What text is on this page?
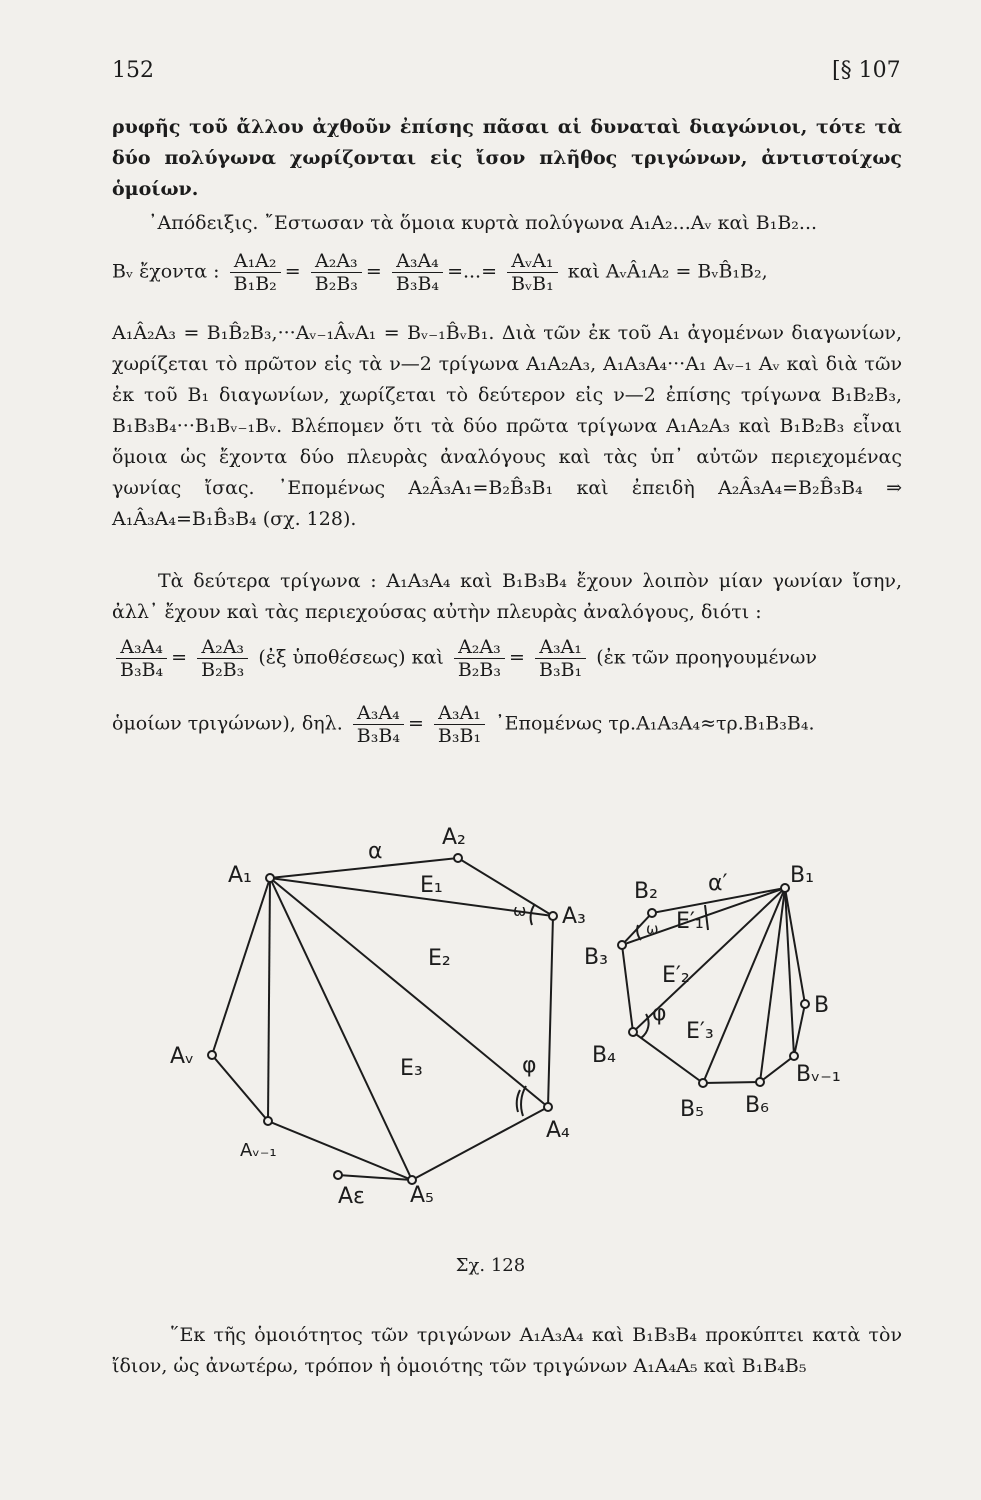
152	[§ 107

ρυφῆς τοῦ ἄλλου ἀχθοῦν ἐπίσης πᾶσαι αἱ δυναταὶ διαγώνιοι, τότε τὰ δύο πολύγωνα χωρίζονται εἰς ἴσον πλῆθος τριγώνων, ἀντιστοίχως ὁμοίων.

᾿Απόδειξις. ῎Εστωσαν τὰ ὅμοια κυρτὰ πολύγωνα A₁A₂...Aᵥ καὶ B₁B₂...

Bᵥ ἔχοντα : $\frac{\text{A₁A₂}}{\text{B₁B₂}} = \frac{\text{A₂A₃}}{\text{B₂B₃}} = \frac{\text{A₃A₄}}{\text{B₃B₄}}$ =...= $\frac{\text{AᵥA₁}}{\text{BᵥB₁}}$ καὶ AᵥÂ₁A₂ = BᵥB̂₁B₂,

A₁Â₂A₃ = B₁B̂₂B₃,···Aᵥ₋₁ÂᵥA₁ = Bᵥ₋₁B̂ᵥB₁. Διὰ τῶν ἐκ τοῦ A₁ ἀγομένων διαγωνίων, χωρίζεται τὸ πρῶτον εἰς τὰ ν—2 τρίγωνα A₁A₂A₃, A₁A₃A₄···A₁ Aᵥ₋₁ Aᵥ καὶ διὰ τῶν ἐκ τοῦ B₁ διαγωνίων, χωρίζεται τὸ δεύτερον εἰς ν—2 ἐπίσης τρίγωνα B₁B₂B₃, B₁B₃B₄···B₁Bᵥ₋₁Bᵥ. Βλέπομεν ὅτι τὰ δύο πρῶτα τρίγωνα A₁A₂A₃ καὶ B₁B₂B₃ εἶναι ὅμοια ὡς ἔχοντα δύο πλευρὰς ἀναλόγους καὶ τὰς ὑπ᾿ αὐτῶν περιεχομένας γωνίας ἴσας. ᾿Επομένως A₂Â₃A₁=B₂B̂₃B₁ καὶ ἐπειδὴ A₂Â₃A₄=B₂B̂₃B₄ ⇒ A₁Â₃A₄=B₁B̂₃B₄ (σχ. 128).

Τὰ δεύτερα τρίγωνα : A₁A₃A₄ καὶ B₁B₃B₄ ἔχουν λοιπὸν μίαν γωνίαν ἴσην, ἀλλ᾿ ἔχουν καὶ τὰς περιεχούσας αὐτὴν πλευρὰς ἀναλόγους, διότι :

$\frac{\text{A₃A₄}}{\text{B₃B₄}} = \frac{\text{A₂A₃}}{\text{B₂B₃}}$ (ἐξ ὑποθέσεως) καὶ $\frac{\text{A₂A₃}}{\text{B₂B₃}} = \frac{\text{A₃A₁}}{\text{B₃B₁}}$ (ἐκ τῶν προηγουμένων
ὁμοίων τριγώνων), δηλ. $\frac{\text{A₃A₄}}{\text{B₃B₄}} = \frac{\text{A₃A₁}}{\text{B₃B₁}}$ ᾿Επομένως τρ.A₁A₃A₄≈τρ.B₁B₃B₄.
A₁
A₂
A₃
A₄
A₅
Aᵥ
Aᵥ₋₁
Aε
α
E₁
E₂
E₃
ω
φ
B₁
B₂
B₃
B₄
B₅ B₆
B
Bᵥ₋₁
α′
E′₁
E′₂
E′₃
ω
φ
Σχ. 128

῞Εκ τῆς ὁμοιότητος τῶν τριγώνων A₁A₃A₄ καὶ B₁B₃B₄ προκύπτει κατὰ τὸν ἴδιον, ὡς ἀνωτέρω, τρόπον ἡ ὁμοιότης τῶν τριγώνων A₁A₄A₅ καὶ B₁B₄B₅
